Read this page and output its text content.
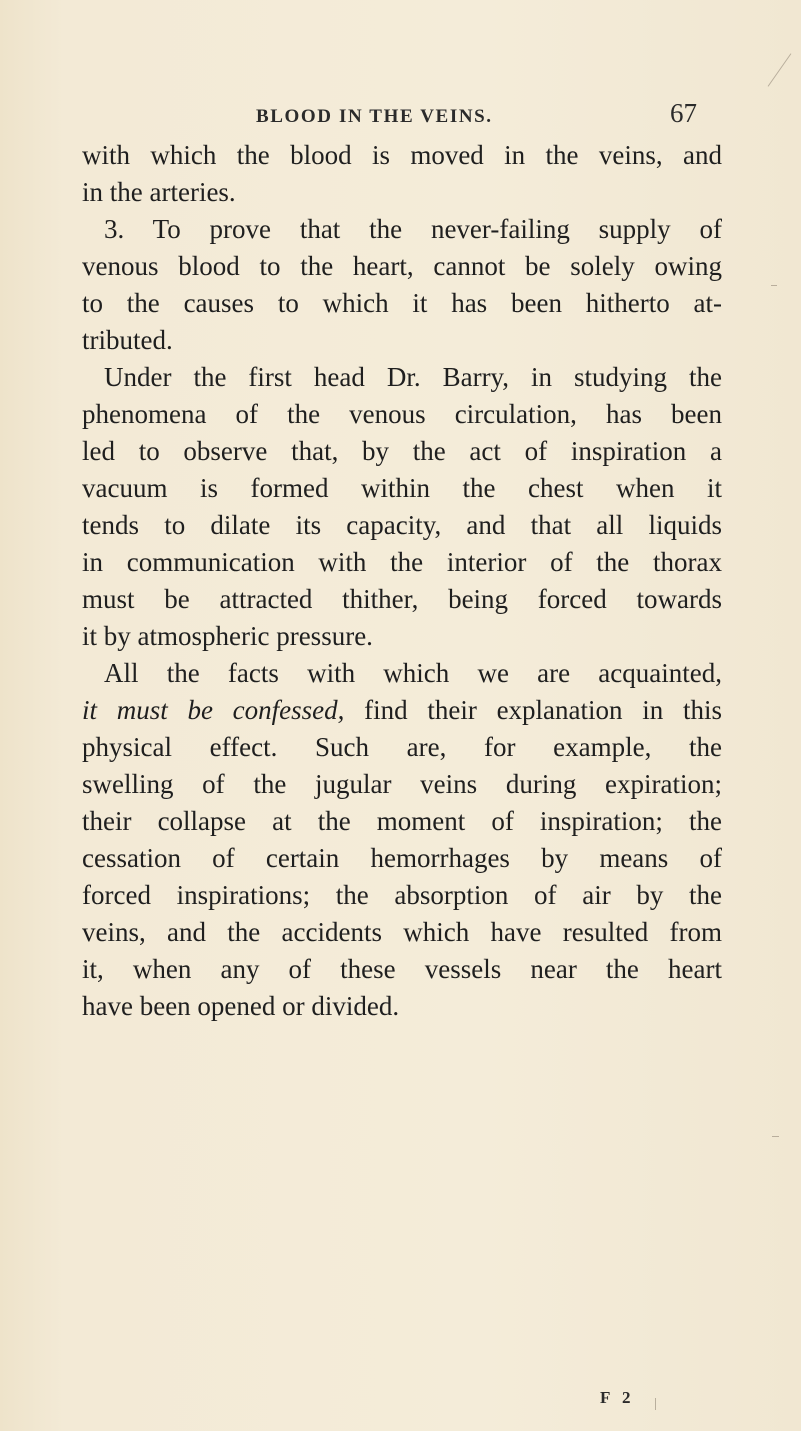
BLOOD IN THE VEINS.	67
with which the blood is moved in the veins, and
in the arteries.
3. To prove that the never-failing supply of
venous blood to the heart, cannot be solely owing
to the causes to which it has been hitherto at-
tributed.
Under the first head Dr. Barry, in studying the
phenomena of the venous circulation, has been
led to observe that, by the act of inspiration a
vacuum is formed within the chest when it
tends to dilate its capacity, and that all liquids
in communication with the interior of the thorax
must be attracted thither, being forced towards
it by atmospheric pressure.
All the facts with which we are acquainted,
it must be confessed, find their explanation in this
physical effect. Such are, for example, the
swelling of the jugular veins during expiration;
their collapse at the moment of inspiration; the
cessation of certain hemorrhages by means of
forced inspirations; the absorption of air by the
veins, and the accidents which have resulted from
it, when any of these vessels near the heart
have been opened or divided.
F 2
